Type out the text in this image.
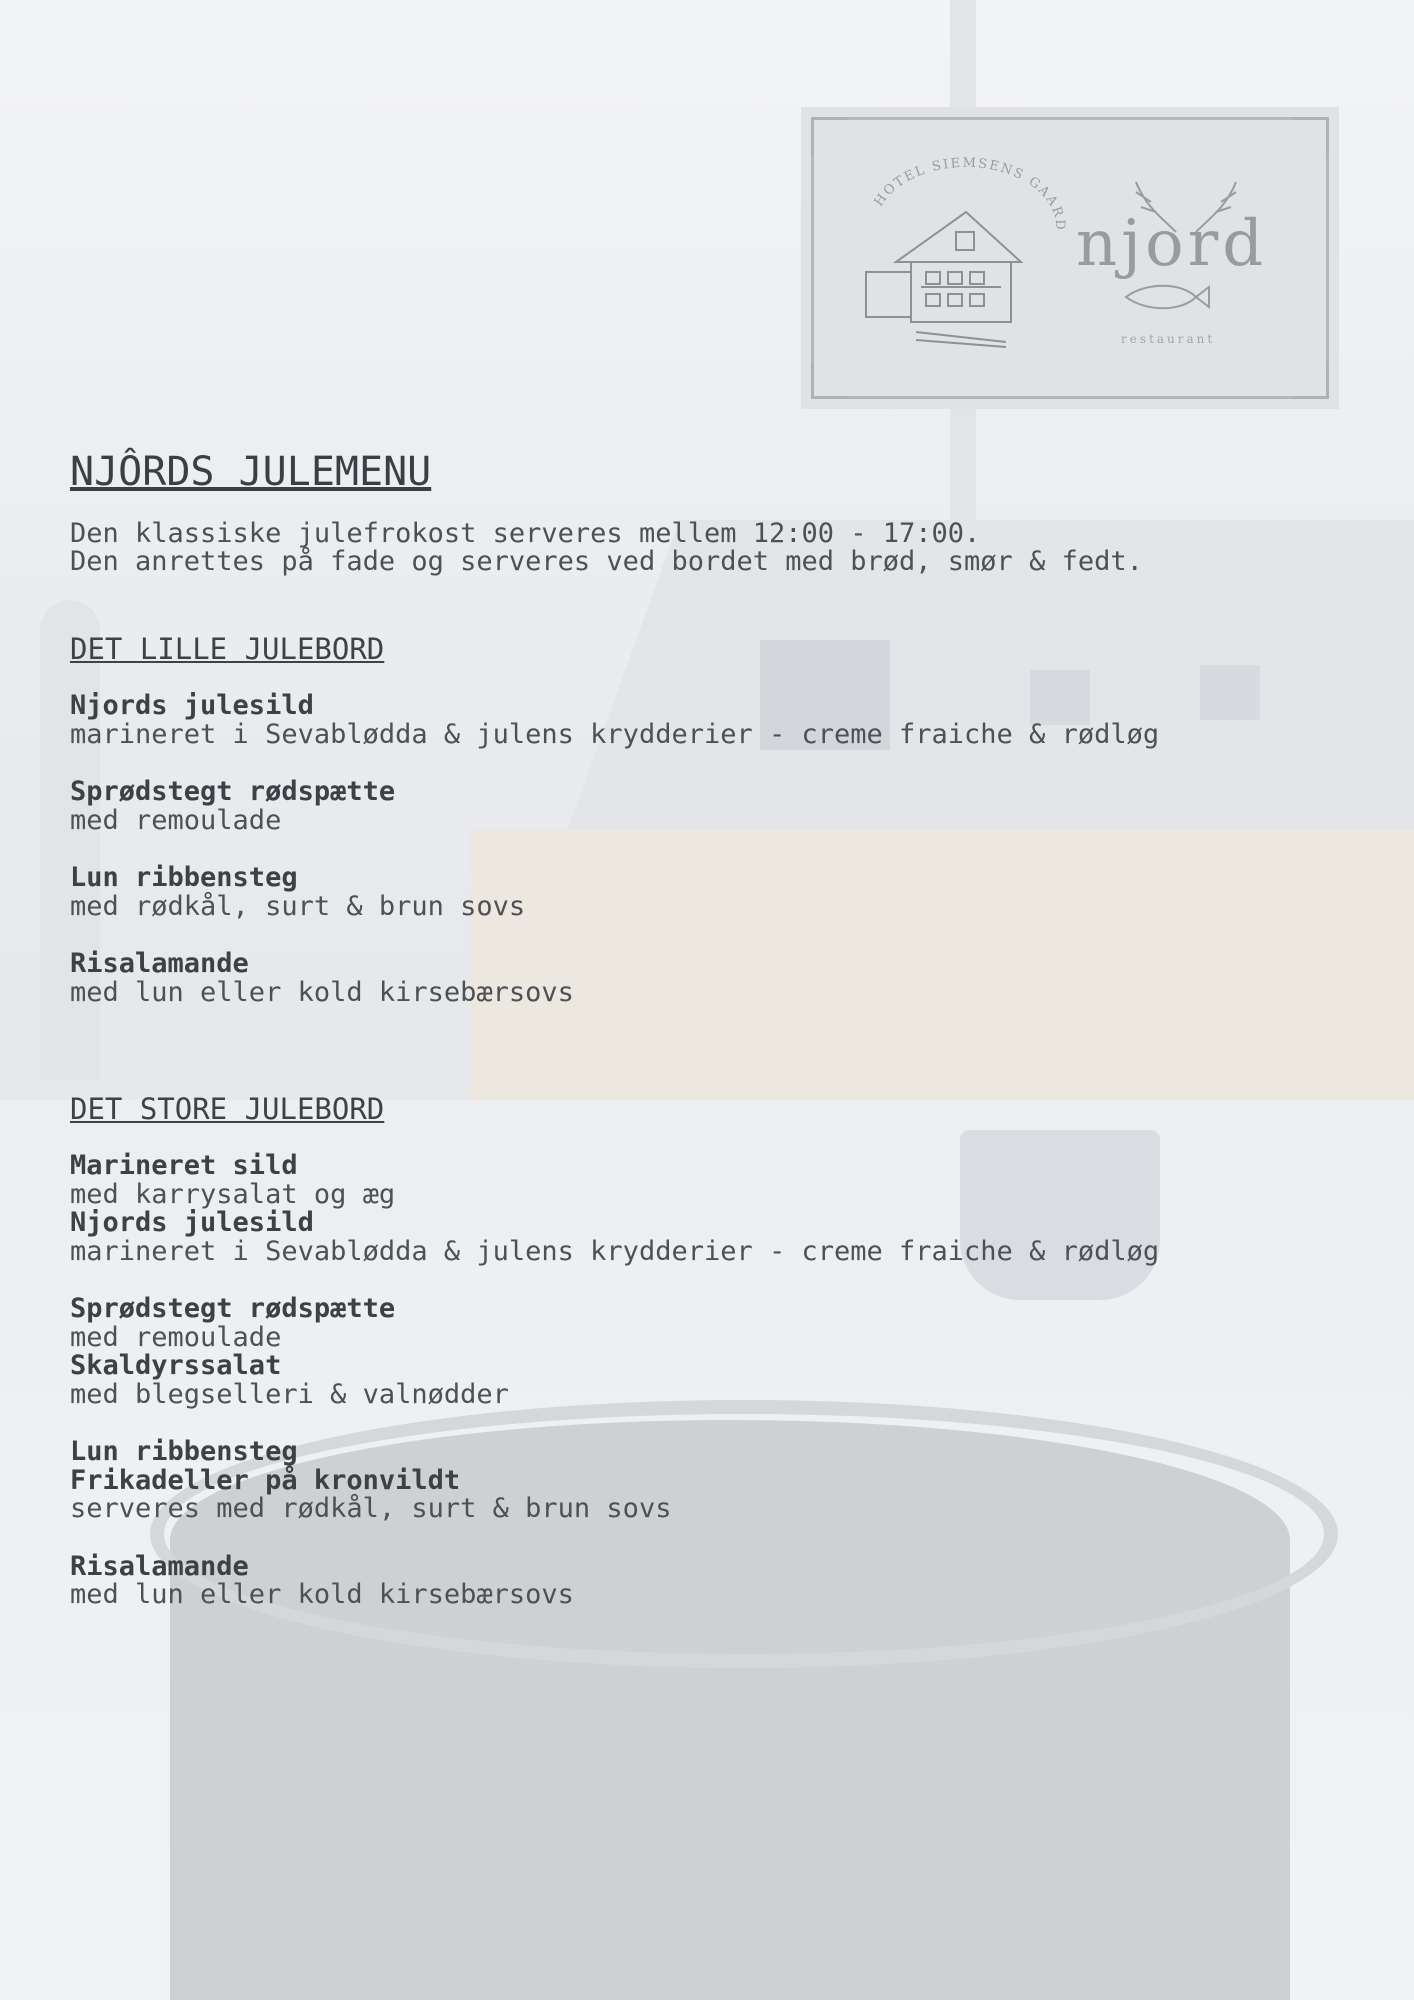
HOTEL SIEMSENS GAARD njord
restaurant
NJÔRDS JULEMENU

Den klassiske julefrokost serveres mellem 12:00 - 17:00.

Den anrettes på fade og serveres ved bordet med brød, smør & fedt.

DET LILLE JULEBORD
Njords julesild
marineret i Sevablødda & julens krydderier - creme fraiche & rødløg
Sprødstegt rødspætte
med remoulade
Lun ribbensteg
med rødkål, surt & brun sovs
Risalamande
med lun eller kold kirsebærsovs
DET STORE JULEBORD
Marineret sild
med karrysalat og æg
Njords julesild
marineret i Sevablødda & julens krydderier - creme fraiche & rødløg
Sprødstegt rødspætte
med remoulade
Skaldyrssalat
med blegselleri & valnødder
Lun ribbensteg
Frikadeller på kronvildt
serveres med rødkål, surt & brun sovs
Risalamande
med lun eller kold kirsebærsovs
